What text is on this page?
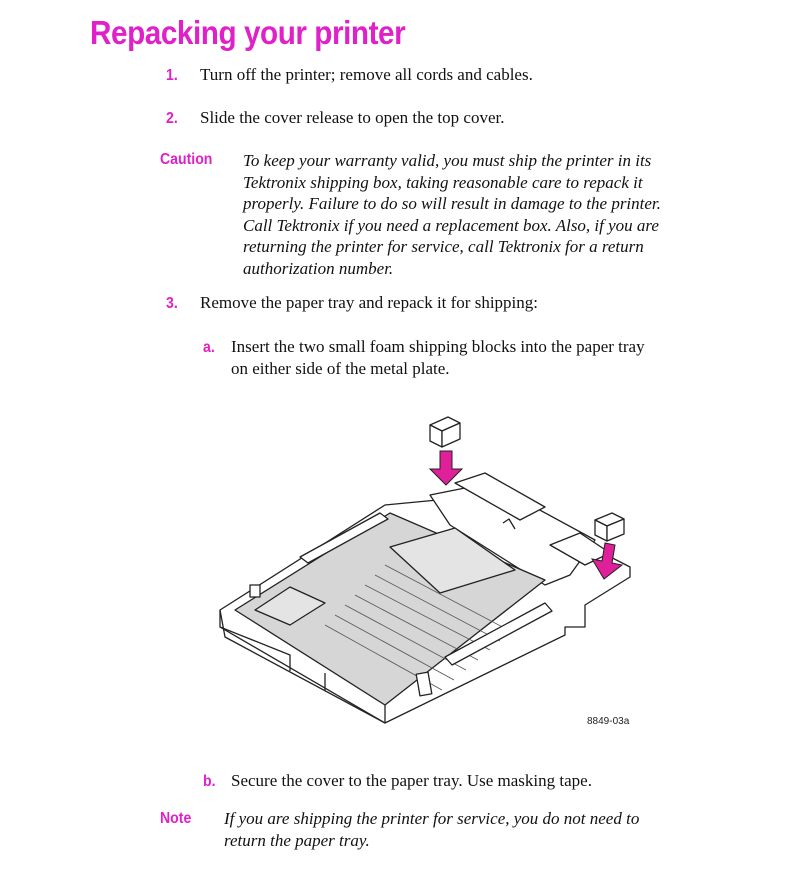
Repacking your printer
1. Turn off the printer; remove all cords and cables.
2. Slide the cover release to open the top cover.
Caution To keep your warranty valid, you must ship the printer in its
Tektronix shipping box, taking reasonable care to repack it
properly. Failure to do so will result in damage to the printer.
Call Tektronix if you need a replacement box. Also, if you are
returning the printer for service, call Tektronix for a return
authorization number.
3. Remove the paper tray and repack it for shipping:
a. Insert the two small foam shipping blocks into the paper tray
on either side of the metal plate.
8849-03a
b. Secure the cover to the paper tray. Use masking tape.
Note If you are shipping the printer for service, you do not need to
return the paper tray.
